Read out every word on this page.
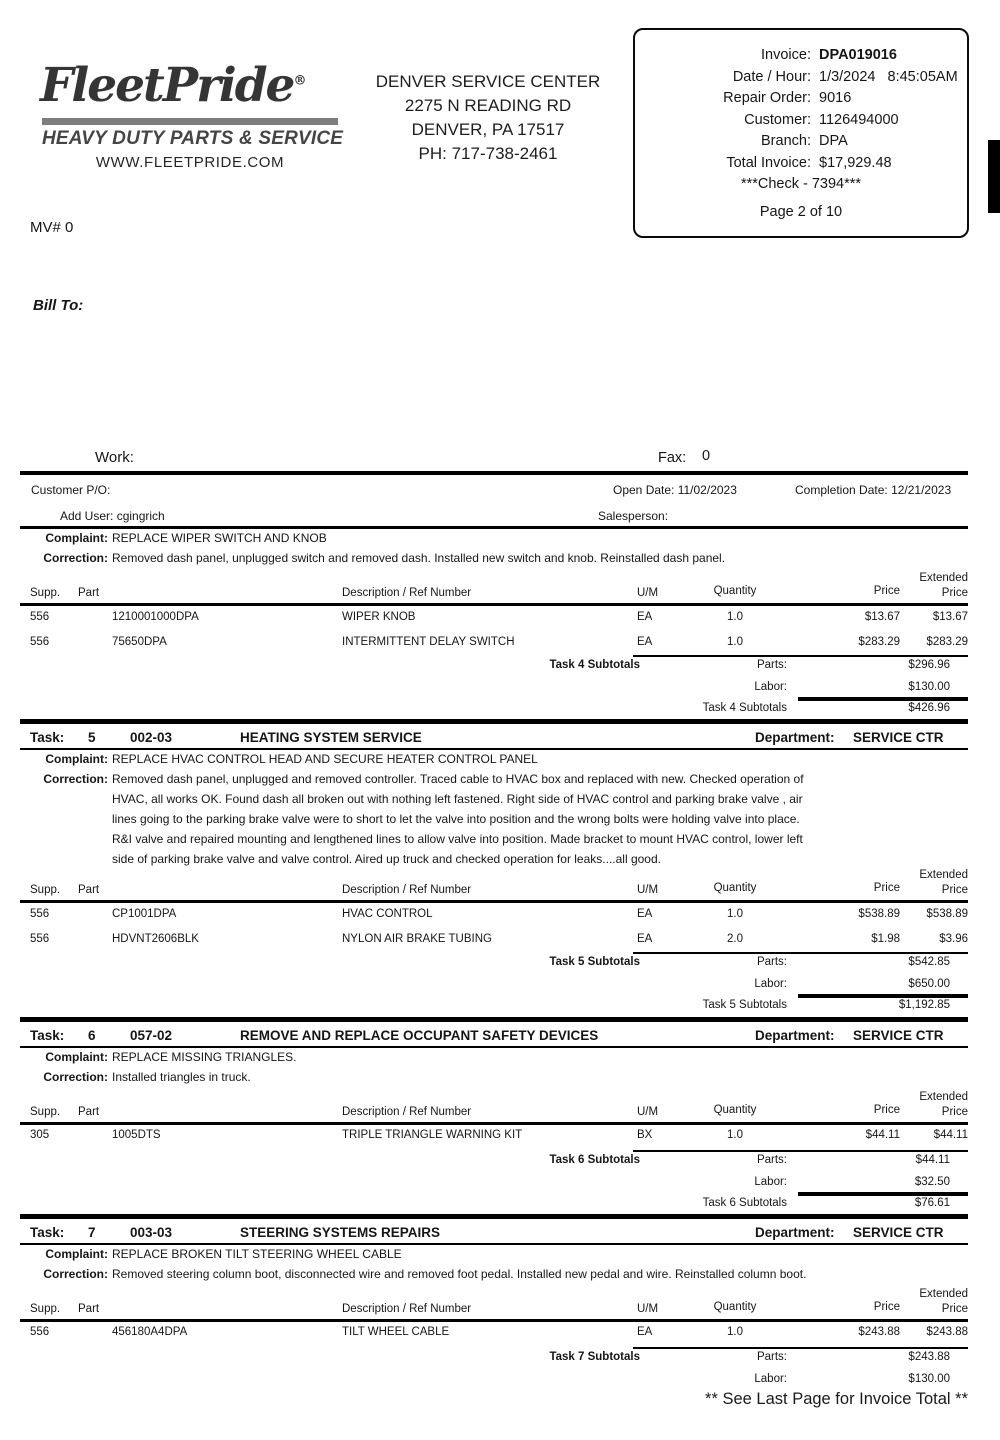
FleetPride®
HEAVY DUTY PARTS & SERVICE
WWW.FLEETPRIDE.COM
DENVER SERVICE CENTER
2275 N READING RD
DENVER, PA 17517
PH: 717-738-2461
Invoice: DPA019016
Date / Hour: 1/3/2024   8:45:05AM
Repair Order: 9016
Customer: 1126494000
Branch: DPA
Total Invoice: $17,929.48
***Check - 7394***
Page 2 of 10
MV# 0
Bill To:
Work:	Fax: 0
Customer P/O:	Open Date: 11/02/2023	Completion Date: 12/21/2023
Add User: cgingrich	Salesperson:
Complaint: REPLACE WIPER SWITCH AND KNOB
Correction: Removed dash panel, unplugged switch and removed dash. Installed new switch and knob. Reinstalled dash panel.
Extended
Supp. Part	Description / Ref Number	U/M	Quantity	Price	Price
556	1210001000DPA	WIPER KNOB	EA	1.0	$13.67	$13.67
556	75650DPA	INTERMITTENT DELAY SWITCH	EA	1.0	$283.29	$283.29
Task 4 Subtotals	Parts:	$296.96
Labor:	$130.00
Task 4 Subtotals	$426.96
Task: 5	002-03	HEATING SYSTEM SERVICE	Department: SERVICE CTR
Complaint: REPLACE HVAC CONTROL HEAD AND SECURE HEATER CONTROL PANEL
Correction: Removed dash panel, unplugged and removed controller. Traced cable to HVAC box and replaced with new. Checked operation of
HVAC, all works OK. Found dash all broken out with nothing left fastened. Right side of HVAC control and parking brake valve , air
lines going to the parking brake valve were to short to let the valve into position and the wrong bolts were holding valve into place.
R&I valve and repaired mounting and lengthened lines to allow valve into position. Made bracket to mount HVAC control, lower left
side of parking brake valve and valve control. Aired up truck and checked operation for leaks....all good.
Extended
Supp. Part	Description / Ref Number	U/M	Quantity	Price	Price
556	CP1001DPA	HVAC CONTROL	EA	1.0	$538.89	$538.89
556	HDVNT2606BLK	NYLON AIR BRAKE TUBING	EA	2.0	$1.98	$3.96
Task 5 Subtotals	Parts:	$542.85
Labor:	$650.00
Task 5 Subtotals	$1,192.85
Task: 6	057-02	REMOVE AND REPLACE OCCUPANT SAFETY DEVICES	Department: SERVICE CTR
Complaint: REPLACE MISSING TRIANGLES.
Correction: Installed triangles in truck.
Extended
Supp. Part	Description / Ref Number	U/M	Quantity	Price	Price
305	1005DTS	TRIPLE TRIANGLE WARNING KIT	BX	1.0	$44.11	$44.11
Task 6 Subtotals	Parts:	$44.11
Labor:	$32.50
Task 6 Subtotals	$76.61
Task: 7	003-03	STEERING SYSTEMS REPAIRS	Department: SERVICE CTR
Complaint: REPLACE BROKEN TILT STEERING WHEEL CABLE
Correction: Removed steering column boot, disconnected wire and removed foot pedal. Installed new pedal and wire. Reinstalled column boot.
Extended
Supp. Part	Description / Ref Number	U/M	Quantity	Price	Price
556	456180A4DPA	TILT WHEEL CABLE	EA	1.0	$243.88	$243.88
Task 7 Subtotals	Parts:	$243.88
Labor:	$130.00
** See Last Page for Invoice Total **
